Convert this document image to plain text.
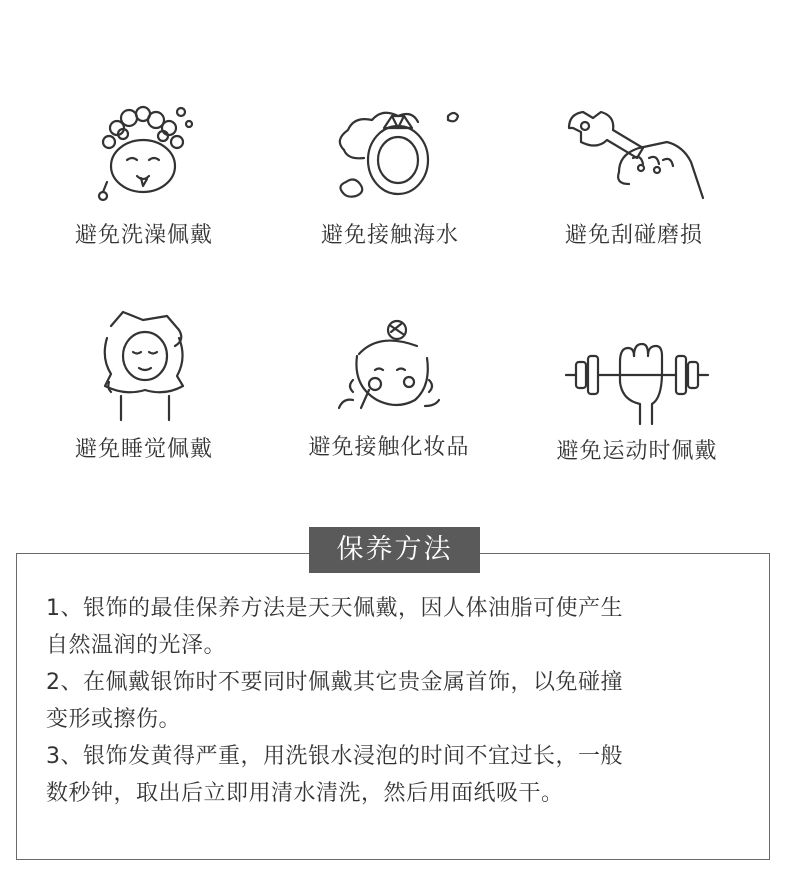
避免洗澡佩戴	避免接触海水	避免刮碰磨损
避免睡觉佩戴	避免接触化妆品	避免运动时佩戴
保养方法
1、银饰的最佳保养方法是天天佩戴，因人体油脂可使产生
自然温润的光泽。
2、在佩戴银饰时不要同时佩戴其它贵金属首饰，以免碰撞
变形或擦伤。
3、银饰发黄得严重，用洗银水浸泡的时间不宜过长，一般
数秒钟，取出后立即用清水清洗，然后用面纸吸干。
